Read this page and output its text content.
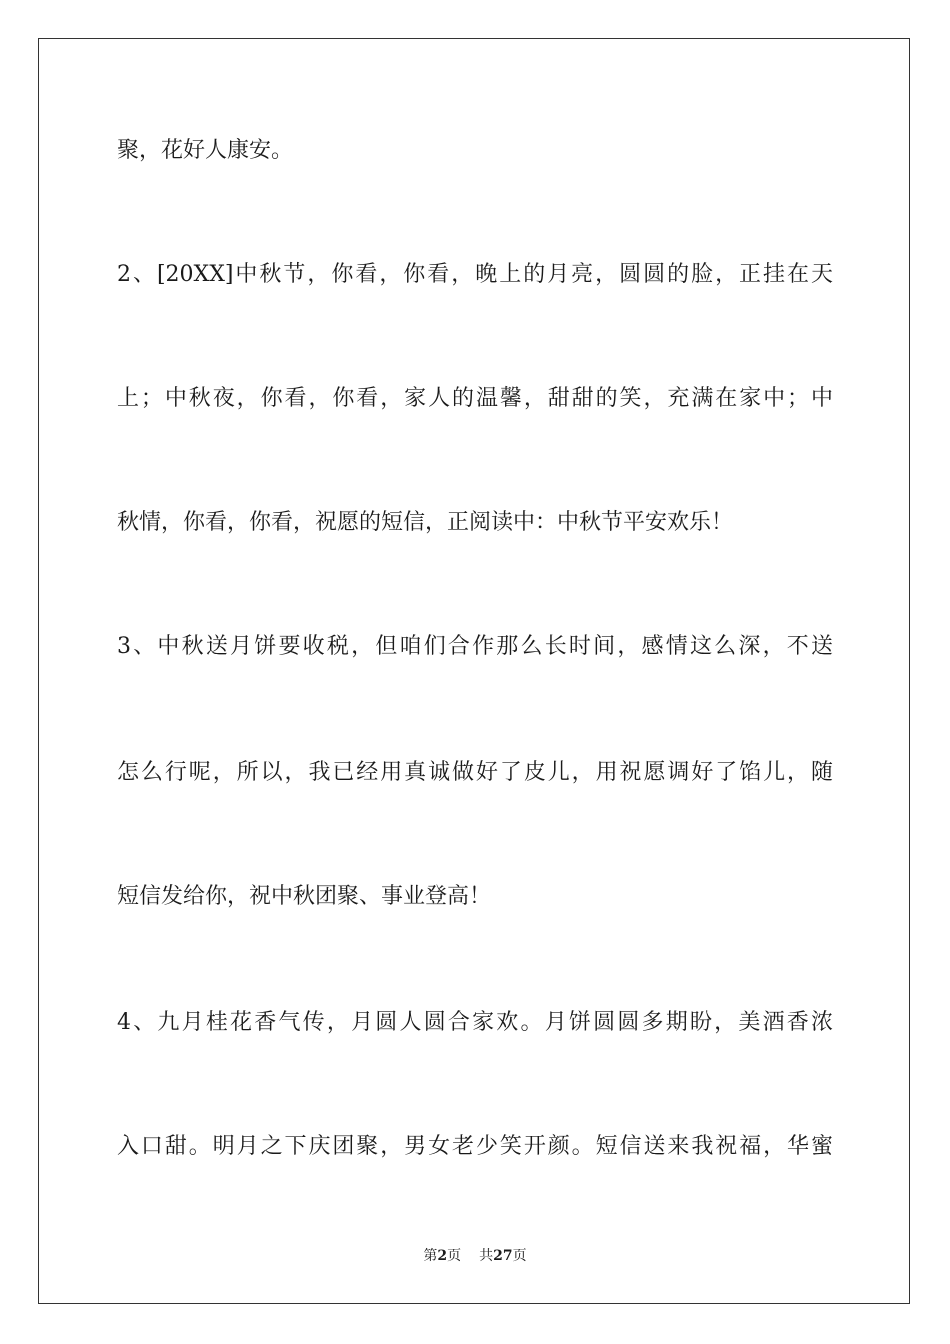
聚，花好人康安。
2、[20XX]中秋节，你看，你看，晚上的月亮，圆圆的脸，正挂在天
上；中秋夜，你看，你看，家人的温馨，甜甜的笑，充满在家中；中
秋情，你看，你看，祝愿的短信，正阅读中：中秋节平安欢乐！
3、中秋送月饼要收税，但咱们合作那么长时间，感情这么深，不送
怎么行呢，所以，我已经用真诚做好了皮儿，用祝愿调好了馅儿，随
短信发给你，祝中秋团聚、事业登高！
4、九月桂花香气传，月圆人圆合家欢。月饼圆圆多期盼，美酒香浓
入口甜。明月之下庆团聚，男女老少笑开颜。短信送来我祝福，华蜜
第2页 共27页
